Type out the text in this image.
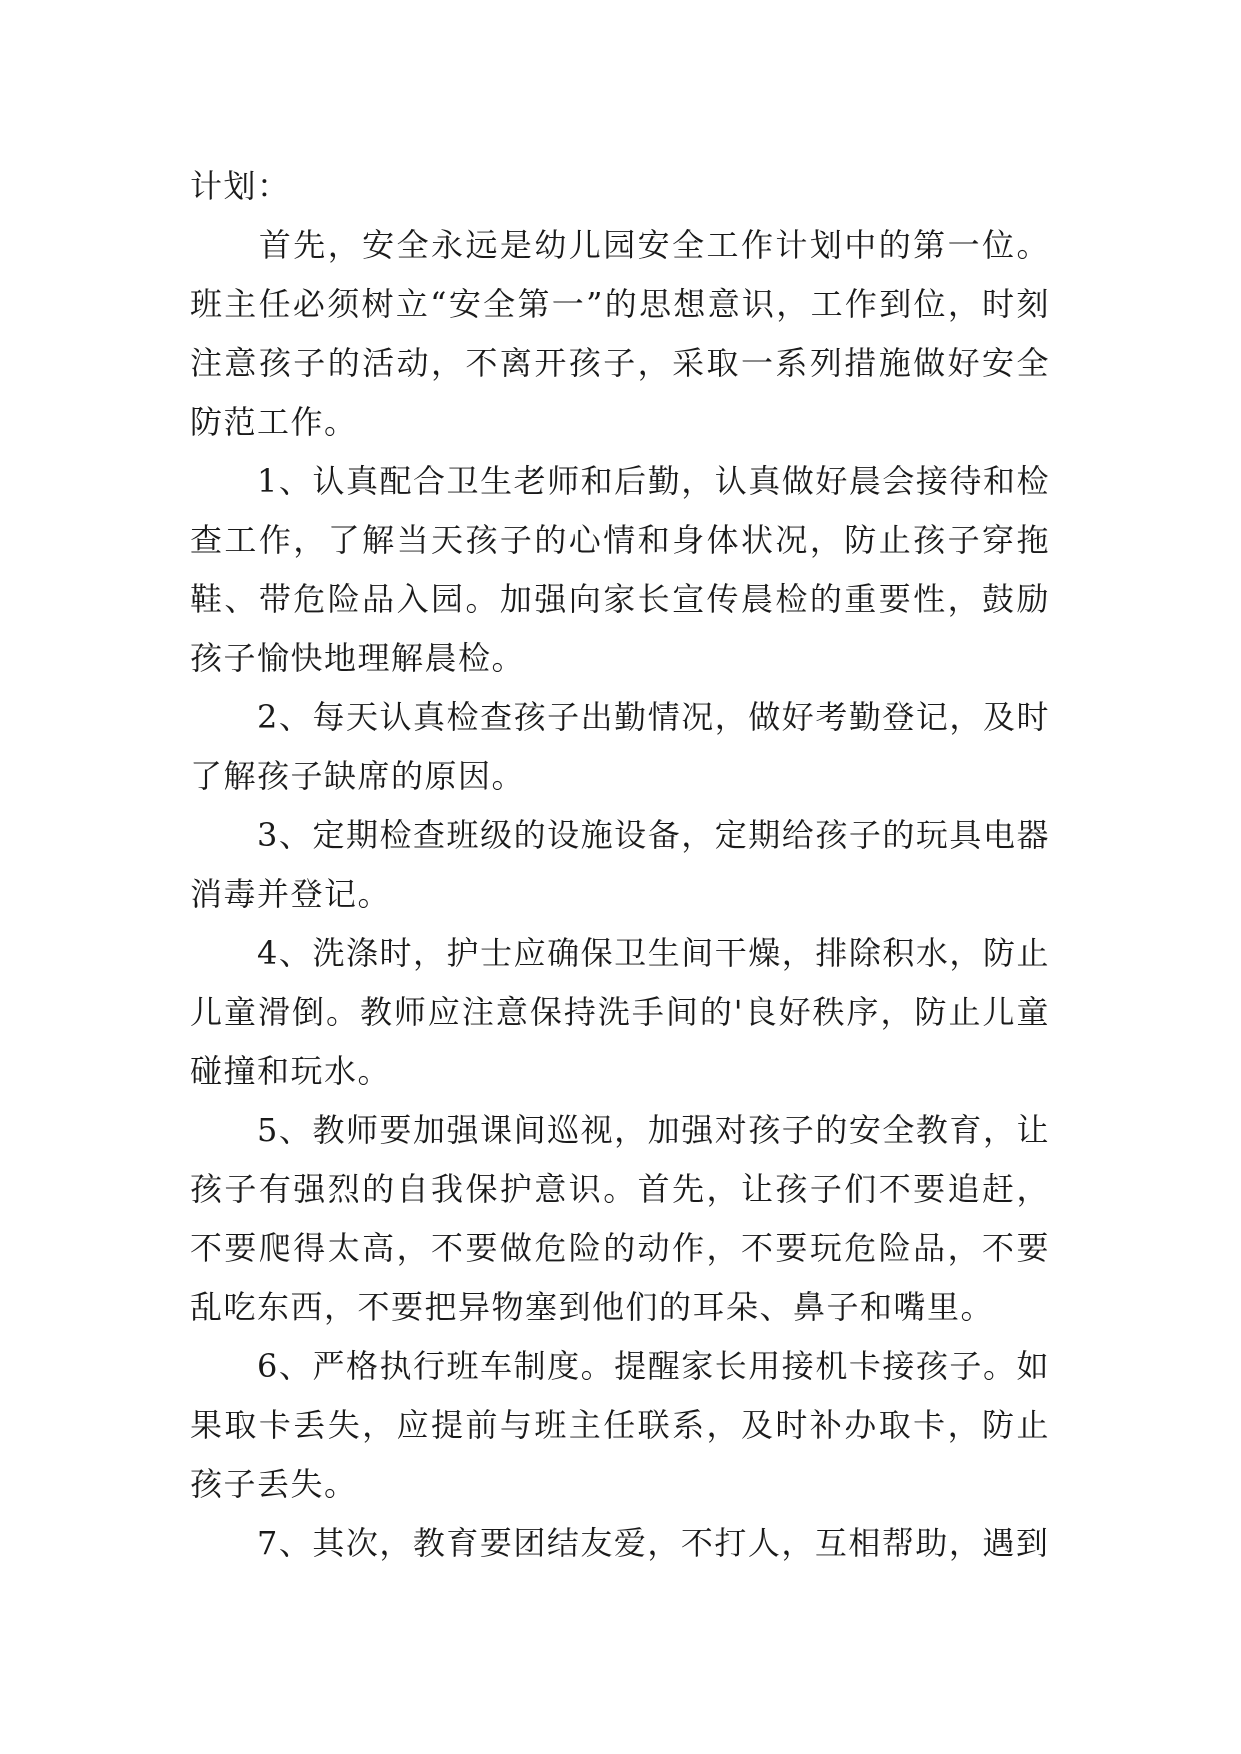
计划：

　　首先，安全永远是幼儿园安全工作计划中的第一位。班主任必须树立“安全第一”的思想意识，工作到位，时刻注意孩子的活动，不离开孩子，采取一系列措施做好安全防范工作。

　　1、认真配合卫生老师和后勤，认真做好晨会接待和检查工作，了解当天孩子的心情和身体状况，防止孩子穿拖鞋、带危险品入园。加强向家长宣传晨检的重要性，鼓励孩子愉快地理解晨检。

　　2、每天认真检查孩子出勤情况，做好考勤登记，及时了解孩子缺席的原因。

　　3、定期检查班级的设施设备，定期给孩子的玩具电器消毒并登记。

　　4、洗涤时，护士应确保卫生间干燥，排除积水，防止儿童滑倒。教师应注意保持洗手间的'良好秩序，防止儿童碰撞和玩水。

　　5、教师要加强课间巡视，加强对孩子的安全教育，让孩子有强烈的自我保护意识。首先，让孩子们不要追赶，不要爬得太高，不要做危险的动作，不要玩危险品，不要乱吃东西，不要把异物塞到他们的耳朵、鼻子和嘴里。

　　6、严格执行班车制度。提醒家长用接机卡接孩子。如果取卡丢失，应提前与班主任联系，及时补办取卡，防止孩子丢失。

　　7、其次，教育要团结友爱，不打人，互相帮助，遇到
